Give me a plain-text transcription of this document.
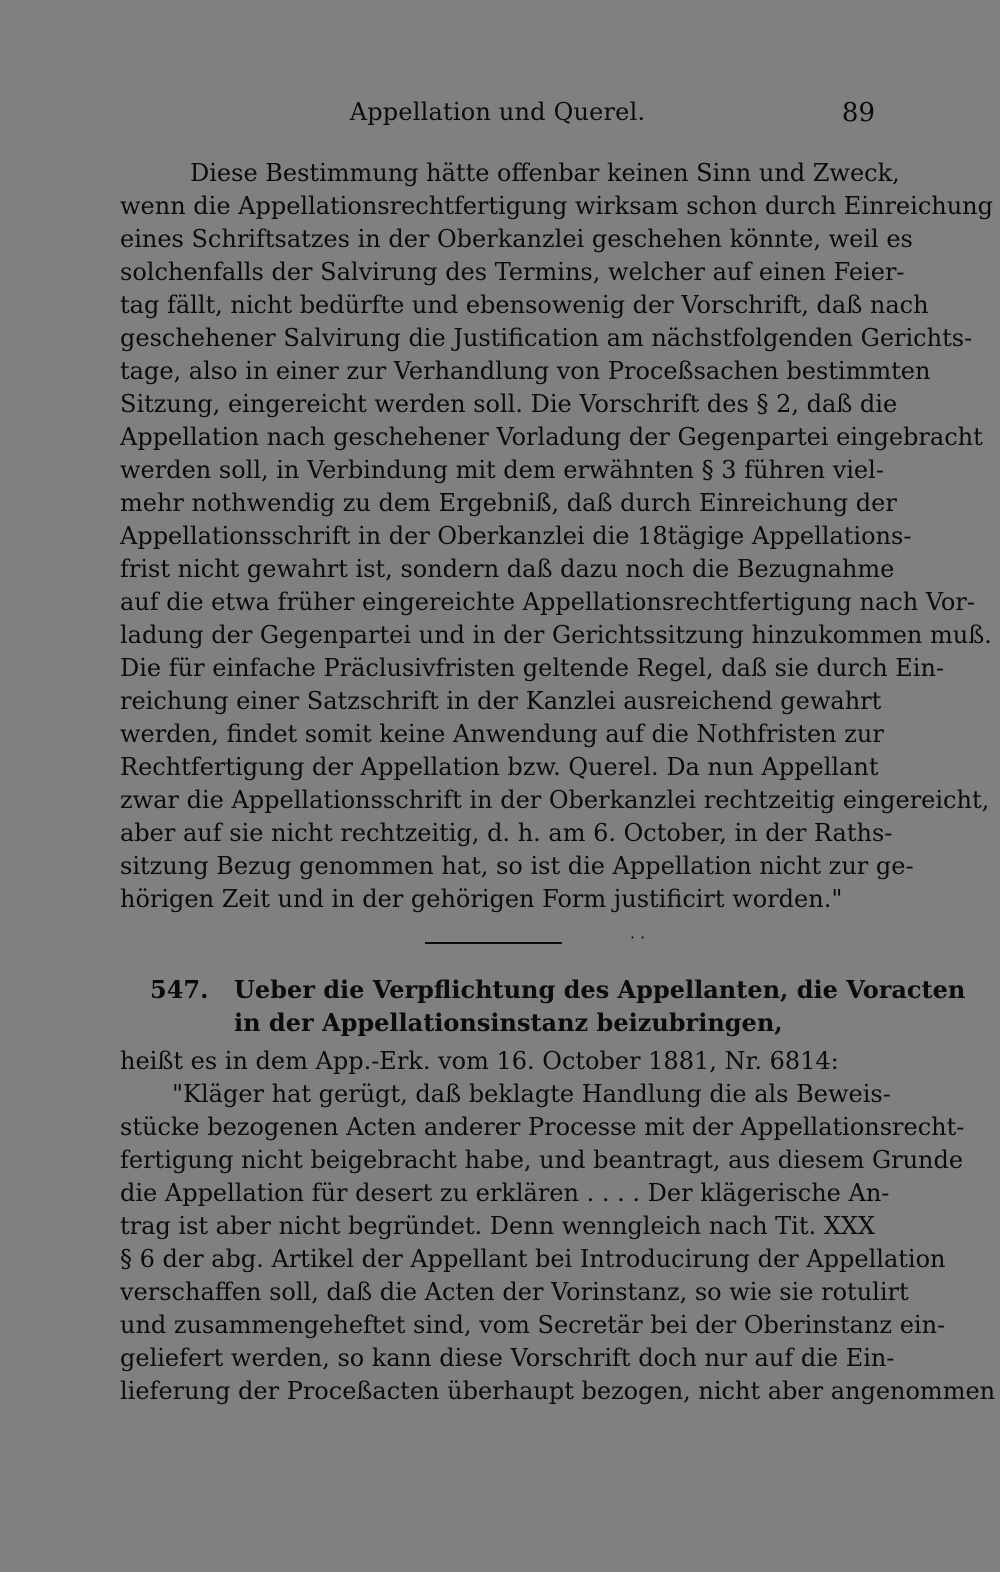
Appellation und Querel.	89
Diese Bestimmung hätte offenbar keinen Sinn und Zweck,
wenn die Appellationsrechtfertigung wirksam schon durch Einreichung
eines Schriftsatzes in der Oberkanzlei geschehen könnte, weil es
solchenfalls der Salvirung des Termins, welcher auf einen Feier-
tag fällt, nicht bedürfte und ebensowenig der Vorschrift, daß nach
geschehener Salvirung die Justification am nächstfolgenden Gerichts-
tage, also in einer zur Verhandlung von Proceßsachen bestimmten
Sitzung, eingereicht werden soll. Die Vorschrift des § 2, daß die
Appellation nach geschehener Vorladung der Gegenpartei eingebracht
werden soll, in Verbindung mit dem erwähnten § 3 führen viel-
mehr nothwendig zu dem Ergebniß, daß durch Einreichung der
Appellationsschrift in der Oberkanzlei die 18tägige Appellations-
frist nicht gewahrt ist, sondern daß dazu noch die Bezugnahme
auf die etwa früher eingereichte Appellationsrechtfertigung nach Vor-
ladung der Gegenpartei und in der Gerichtssitzung hinzukommen muß.
Die für einfache Präclusivfristen geltende Regel, daß sie durch Ein-
reichung einer Satzschrift in der Kanzlei ausreichend gewahrt
werden, findet somit keine Anwendung auf die Nothfristen zur
Rechtfertigung der Appellation bzw. Querel. Da nun Appellant
zwar die Appellationsschrift in der Oberkanzlei rechtzeitig eingereicht,
aber auf sie nicht rechtzeitig, d. h. am 6. October, in der Raths-
sitzung Bezug genommen hat, so ist die Appellation nicht zur ge-
hörigen Zeit und in der gehörigen Form justificirt worden."
· ·
547.	Ueber die Verpflichtung des Appellanten, die Voracten
in der Appellationsinstanz beizubringen,
heißt es in dem App.-Erk. vom 16. October 1881, Nr. 6814:
"Kläger hat gerügt, daß beklagte Handlung die als Beweis-
stücke bezogenen Acten anderer Processe mit der Appellationsrecht-
fertigung nicht beigebracht habe, und beantragt, aus diesem Grunde
die Appellation für desert zu erklären . . . . Der klägerische An-
trag ist aber nicht begründet. Denn wenngleich nach Tit. XXX
§ 6 der abg. Artikel der Appellant bei Introducirung der Appellation
verschaffen soll, daß die Acten der Vorinstanz, so wie sie rotulirt
und zusammengeheftet sind, vom Secretär bei der Oberinstanz ein-
geliefert werden, so kann diese Vorschrift doch nur auf die Ein-
lieferung der Proceßacten überhaupt bezogen, nicht aber angenommen
